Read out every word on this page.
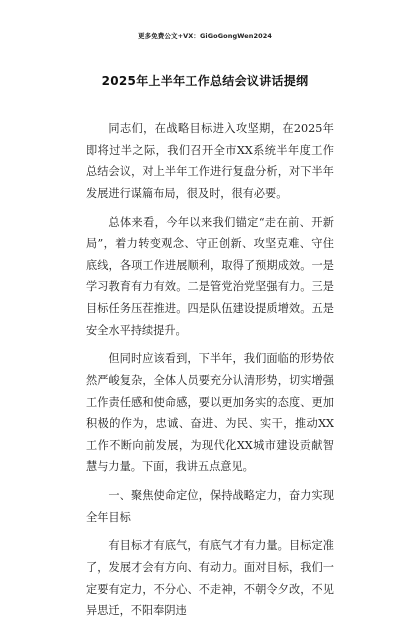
更多免费公文+VX：GiGoGongWen2024
2025年上半年工作总结会议讲话提纲

同志们，在战略目标进入攻坚期，在2025年即将过半之际，我们召开全市XX系统半年度工作总结会议，对上半年工作进行复盘分析，对下半年发展进行谋篇布局，很及时，很有必要。

总体来看，今年以来我们锚定“走在前、开新局”，着力转变观念、守正创新、攻坚克难、守住底线，各项工作进展顺利，取得了预期成效。一是学习教育有力有效。二是管党治党坚强有力。三是目标任务压茬推进。四是队伍建设提质增效。五是安全水平持续提升。

但同时应该看到，下半年，我们面临的形势依然严峻复杂，全体人员要充分认清形势，切实增强工作责任感和使命感，要以更加务实的态度、更加积极的作为，忠诚、奋进、为民、实干，推动XX工作不断向前发展，为现代化XX城市建设贡献智慧与力量。下面，我讲五点意见。

一、聚焦使命定位，保持战略定力，奋力实现全年目标

有目标才有底气，有底气才有力量。目标定准了，发展才会有方向、有动力。面对目标，我们一定要有定力，不分心、不走神，不朝令夕改，不见异思迁，不阳奉阴违
